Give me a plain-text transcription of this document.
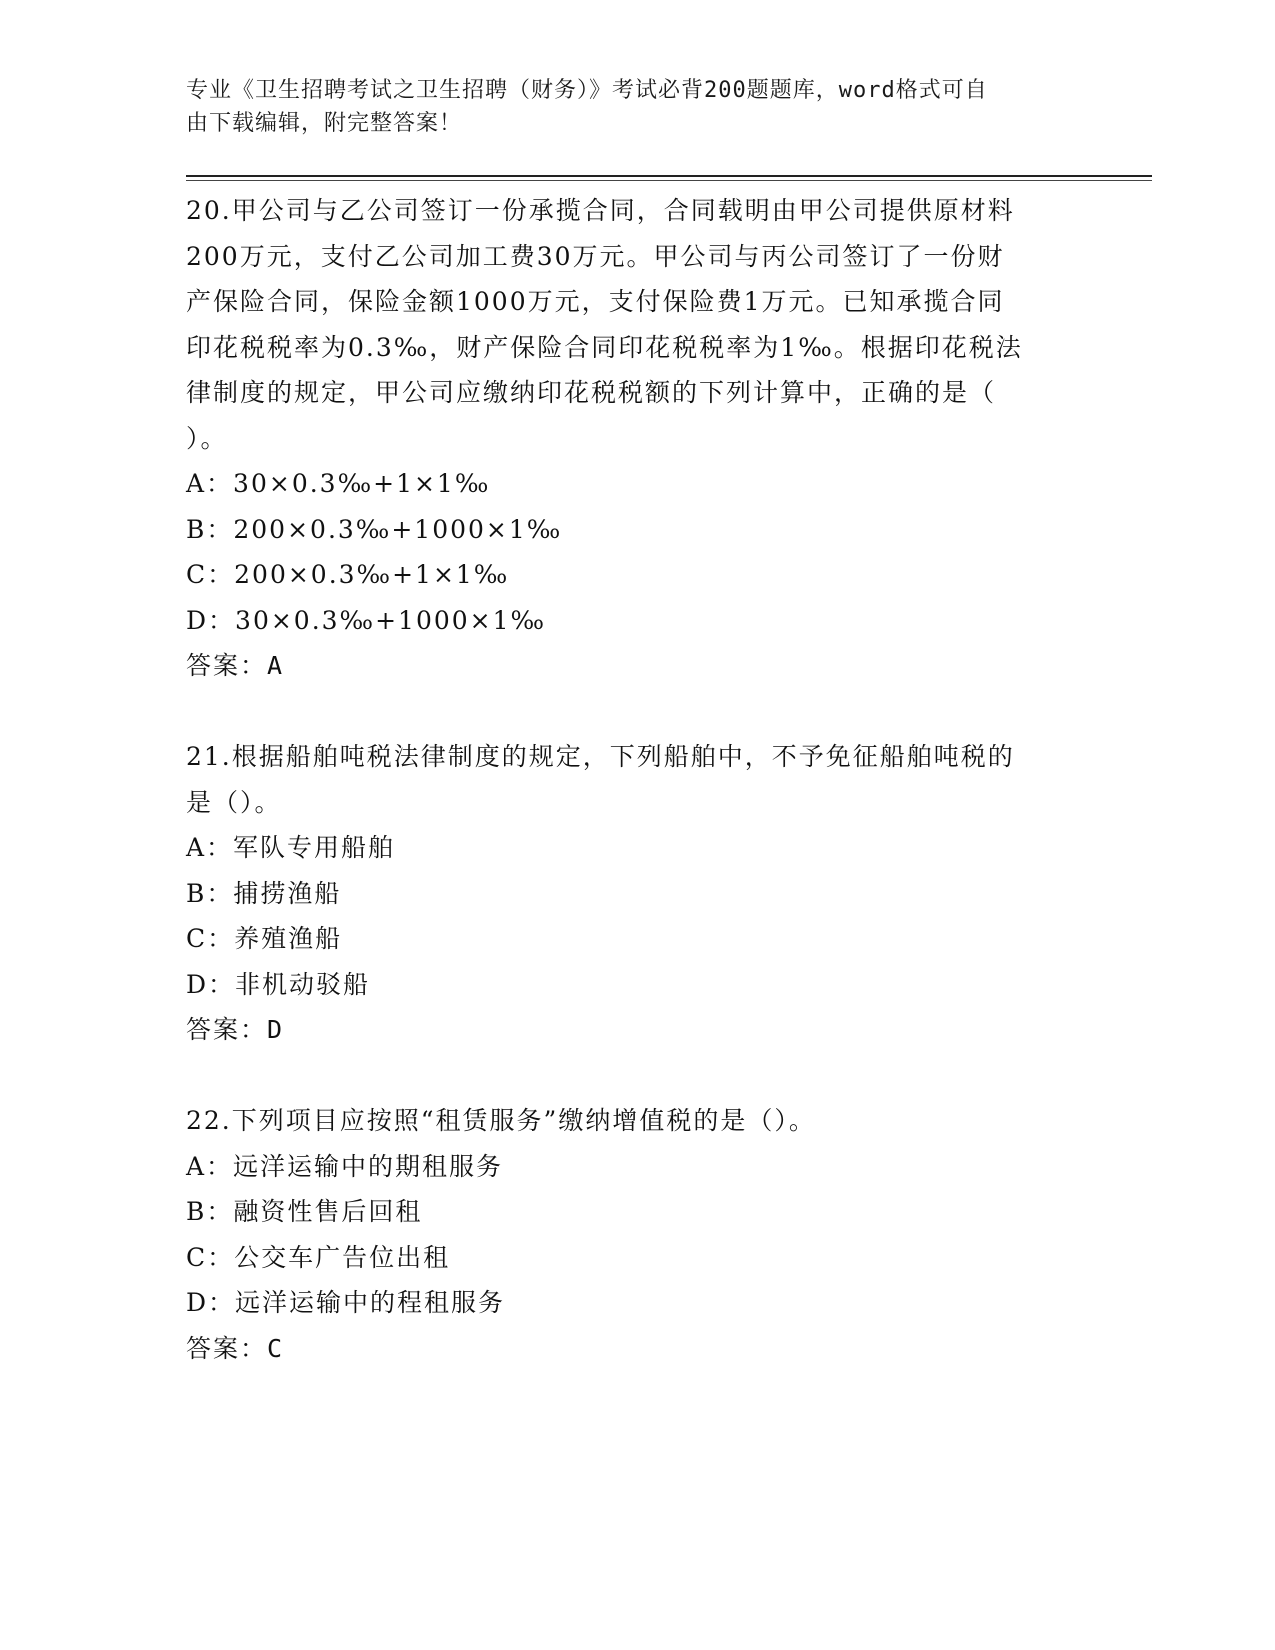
专业《卫生招聘考试之卫生招聘（财务）》考试必背200题题库，word格式可自
由下载编辑，附完整答案！

20.甲公司与乙公司签订一份承揽合同，合同载明由甲公司提供原材料

200万元，支付乙公司加工费30万元。甲公司与丙公司签订了一份财

产保险合同，保险金额1000万元，支付保险费1万元。已知承揽合同

印花税税率为0.3‰，财产保险合同印花税税率为1‰。根据印花税法

律制度的规定，甲公司应缴纳印花税税额的下列计算中，正确的是（

）。

A：30×0.3‰+1×1‰

B：200×0.3‰+1000×1‰

C：200×0.3‰+1×1‰

D：30×0.3‰+1000×1‰

答案：A

21.根据船舶吨税法律制度的规定，下列船舶中，不予免征船舶吨税的

是（）。

A：军队专用船舶

B：捕捞渔船

C：养殖渔船

D：非机动驳船

答案：D

22.下列项目应按照“租赁服务”缴纳增值税的是（）。

A：远洋运输中的期租服务

B：融资性售后回租

C：公交车广告位出租

D：远洋运输中的程租服务

答案：C
